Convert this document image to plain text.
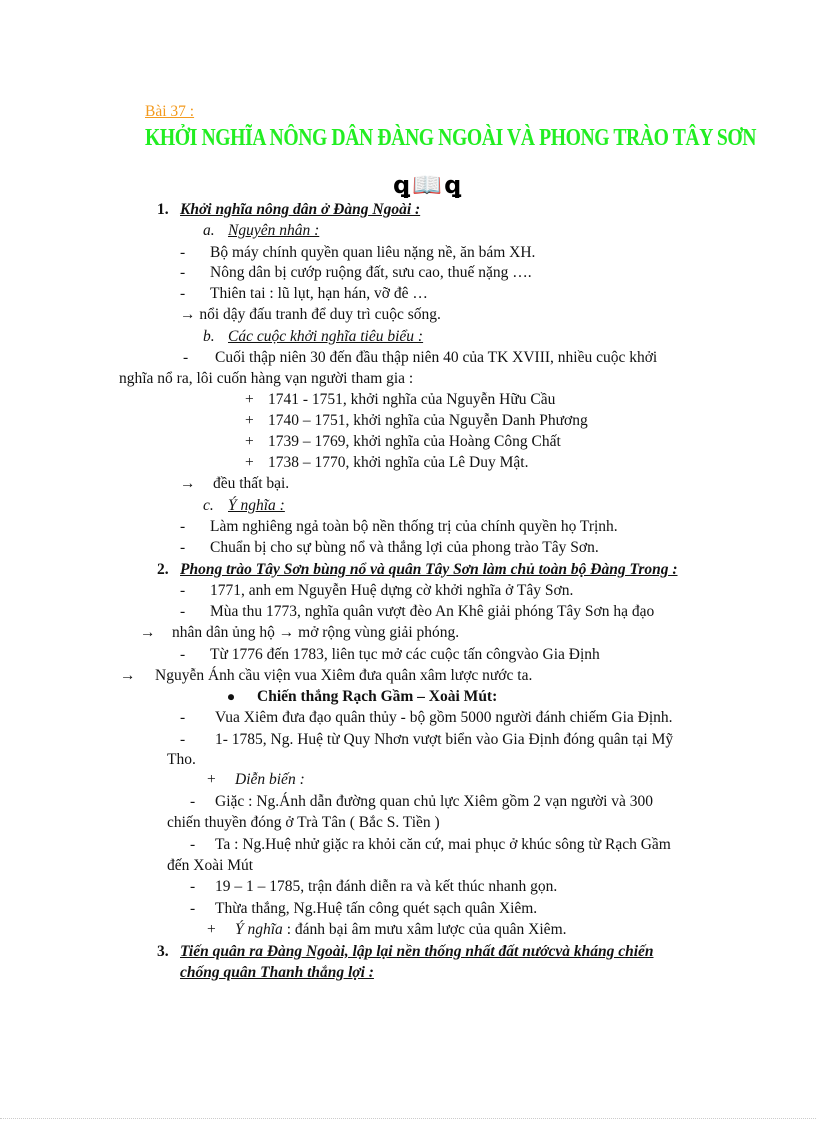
Bài 37 :
KHỞI NGHĨA NÔNG DÂN ĐÀNG NGOÀI VÀ PHONG TRÀO TÂY SƠN
ꝗ📖ꝗ
1. Khởi nghĩa nông dân ở Đàng Ngoài :
a. Nguyên nhân :
- Bộ máy chính quyền quan liêu nặng nề, ăn bám XH.
- Nông dân bị cướp ruộng đất, sưu cao, thuế nặng ….
- Thiên tai : lũ lụt, hạn hán, vỡ đê …
→ nổi dậy đấu tranh để duy trì cuộc sống.
b. Các cuộc khởi nghĩa tiêu biểu :
- Cuối thập niên 30 đến đầu thập niên 40 của TK XVIII, nhiều cuộc khởi
nghĩa nổ ra, lôi cuốn hàng vạn người tham gia :
+ 1741 - 1751, khởi nghĩa của Nguyễn Hữu Cầu
+ 1740 – 1751, khởi nghĩa của Nguyễn Danh Phương
+ 1739 – 1769, khởi nghĩa của Hoàng Công Chất
+ 1738 – 1770, khởi nghĩa của Lê Duy Mật.
→ đều thất bại.
c. Ý nghĩa :
- Làm nghiêng ngả toàn bộ nền thống trị của chính quyền họ Trịnh.
- Chuẩn bị cho sự bùng nổ và thắng lợi của phong trào Tây Sơn.
2. Phong trào Tây Sơn bùng nổ và quân Tây Sơn làm chủ toàn bộ Đàng Trong :
- 1771, anh em Nguyễn Huệ dựng cờ khởi nghĩa ở Tây Sơn.
- Mùa thu 1773, nghĩa quân vượt đèo An Khê giải phóng Tây Sơn hạ đạo
→ nhân dân ủng hộ → mở rộng vùng giải phóng.
- Từ 1776 đến 1783, liên tục mở các cuộc tấn côngvào Gia Định
→ Nguyễn Ánh cầu viện vua Xiêm đưa quân xâm lược nước ta.
⏺ Chiến thắng Rạch Gầm – Xoài Mút:
- Vua Xiêm đưa đạo quân thủy - bộ gồm 5000 người đánh chiếm Gia Định.
- 1- 1785, Ng. Huệ từ Quy Nhơn vượt biển vào Gia Định đóng quân tại Mỹ
Tho.
+ Diễn biến :
- Giặc : Ng.Ánh dẫn đường quan chủ lực Xiêm gồm 2 vạn người và 300
chiến thuyền đóng ở Trà Tân ( Bắc S. Tiền )
- Ta : Ng.Huệ nhử giặc ra khỏi căn cứ, mai phục ở khúc sông từ Rạch Gầm
đến Xoài Mút
- 19 – 1 – 1785, trận đánh diễn ra và kết thúc nhanh gọn.
- Thừa thắng, Ng.Huệ tấn công quét sạch quân Xiêm.
+ Ý nghĩa : đánh bại âm mưu xâm lược của quân Xiêm.
3. Tiến quân ra Đàng Ngoài, lập lại nền thống nhất đất nướcvà kháng chiến
chống quân Thanh thắng lợi :
